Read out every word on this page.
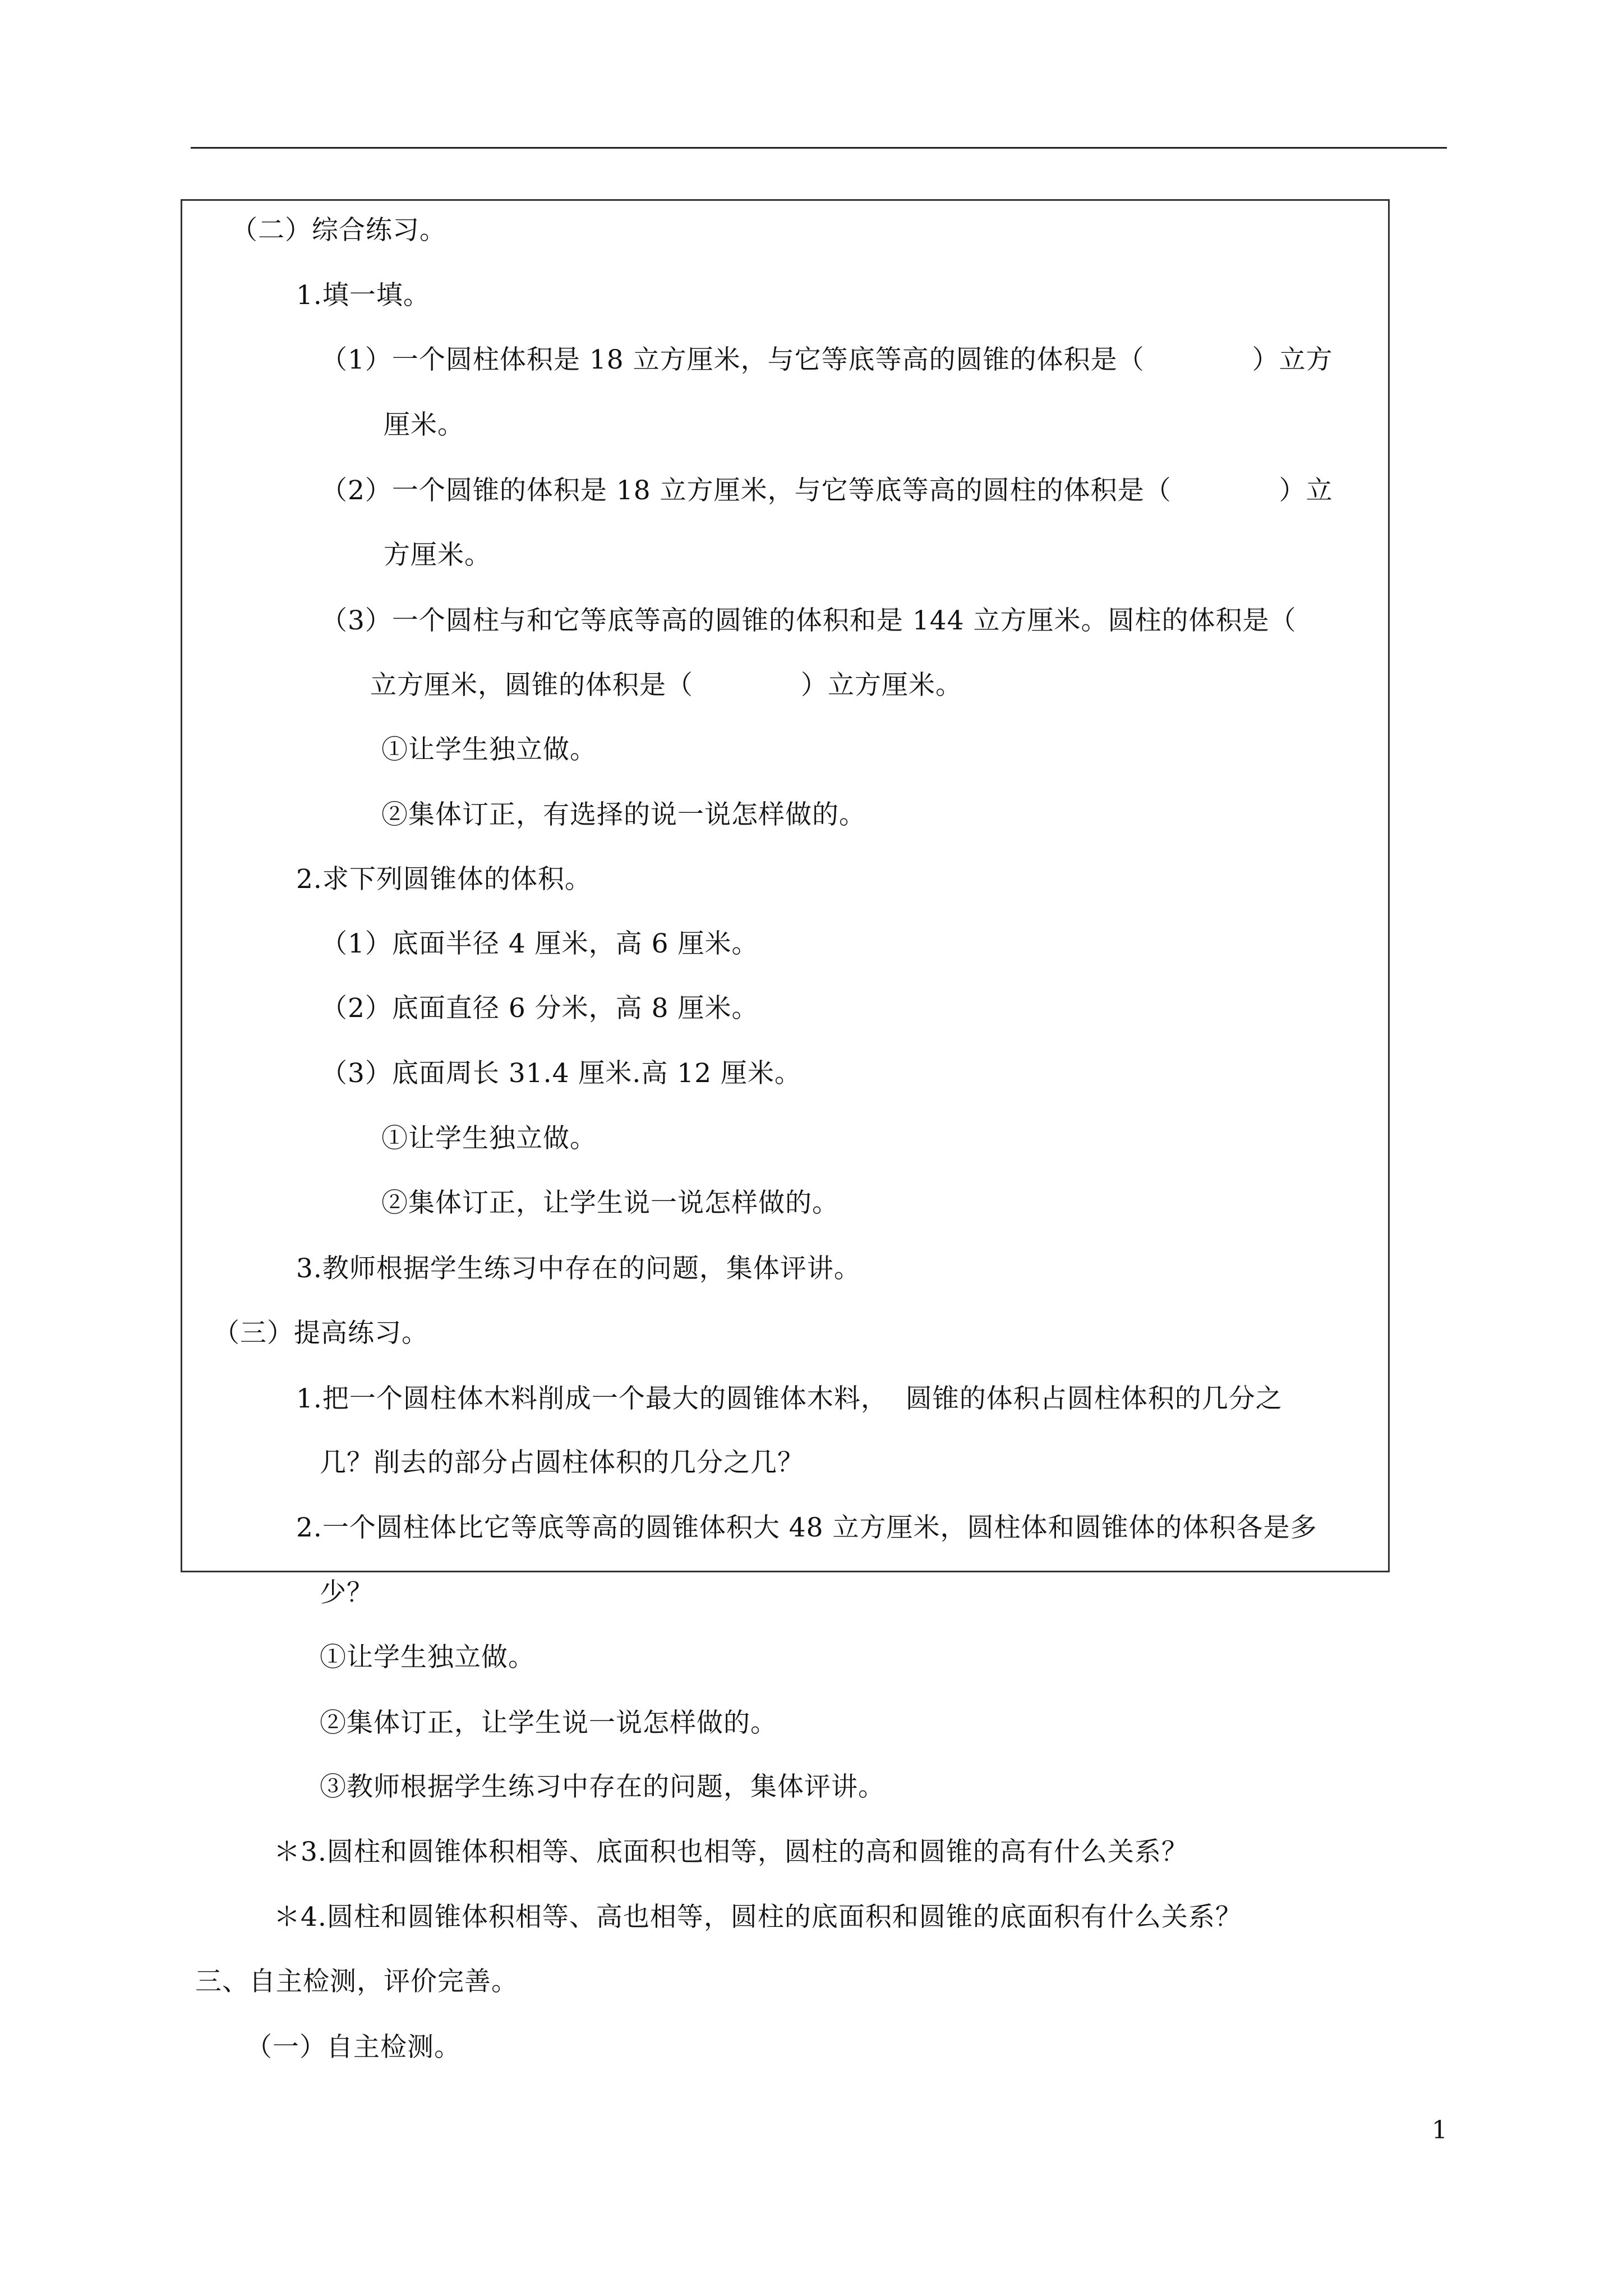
（二）综合练习。
1.填一填。
（1）一个圆柱体积是 18 立方厘米，与它等底等高的圆锥的体积是（　　　　）立方
厘米。
（2）一个圆锥的体积是 18 立方厘米，与它等底等高的圆柱的体积是（　　　　）立
方厘米。
（3）一个圆柱与和它等底等高的圆锥的体积和是 144 立方厘米。圆柱的体积是（
立方厘米，圆锥的体积是（　　　　）立方厘米。
①让学生独立做。
②集体订正，有选择的说一说怎样做的。
2.求下列圆锥体的体积。
（1）底面半径 4 厘米，高 6 厘米。
（2）底面直径 6 分米，高 8 厘米。
（3）底面周长 31.4 厘米.高 12 厘米。
①让学生独立做。
②集体订正，让学生说一说怎样做的。
3.教师根据学生练习中存在的问题，集体评讲。
（三）提高练习。
1.把一个圆柱体木料削成一个最大的圆锥体木料，  圆锥的体积占圆柱体积的几分之
几？削去的部分占圆柱体积的几分之几？
2.一个圆柱体比它等底等高的圆锥体积大 48 立方厘米，圆柱体和圆锥体的体积各是多
少？
①让学生独立做。
②集体订正，让学生说一说怎样做的。
③教师根据学生练习中存在的问题，集体评讲。
＊3.圆柱和圆锥体积相等、底面积也相等，圆柱的高和圆锥的高有什么关系？
＊4.圆柱和圆锥体积相等、高也相等，圆柱的底面积和圆锥的底面积有什么关系？
三、自主检测，评价完善。
（一）自主检测。
1
